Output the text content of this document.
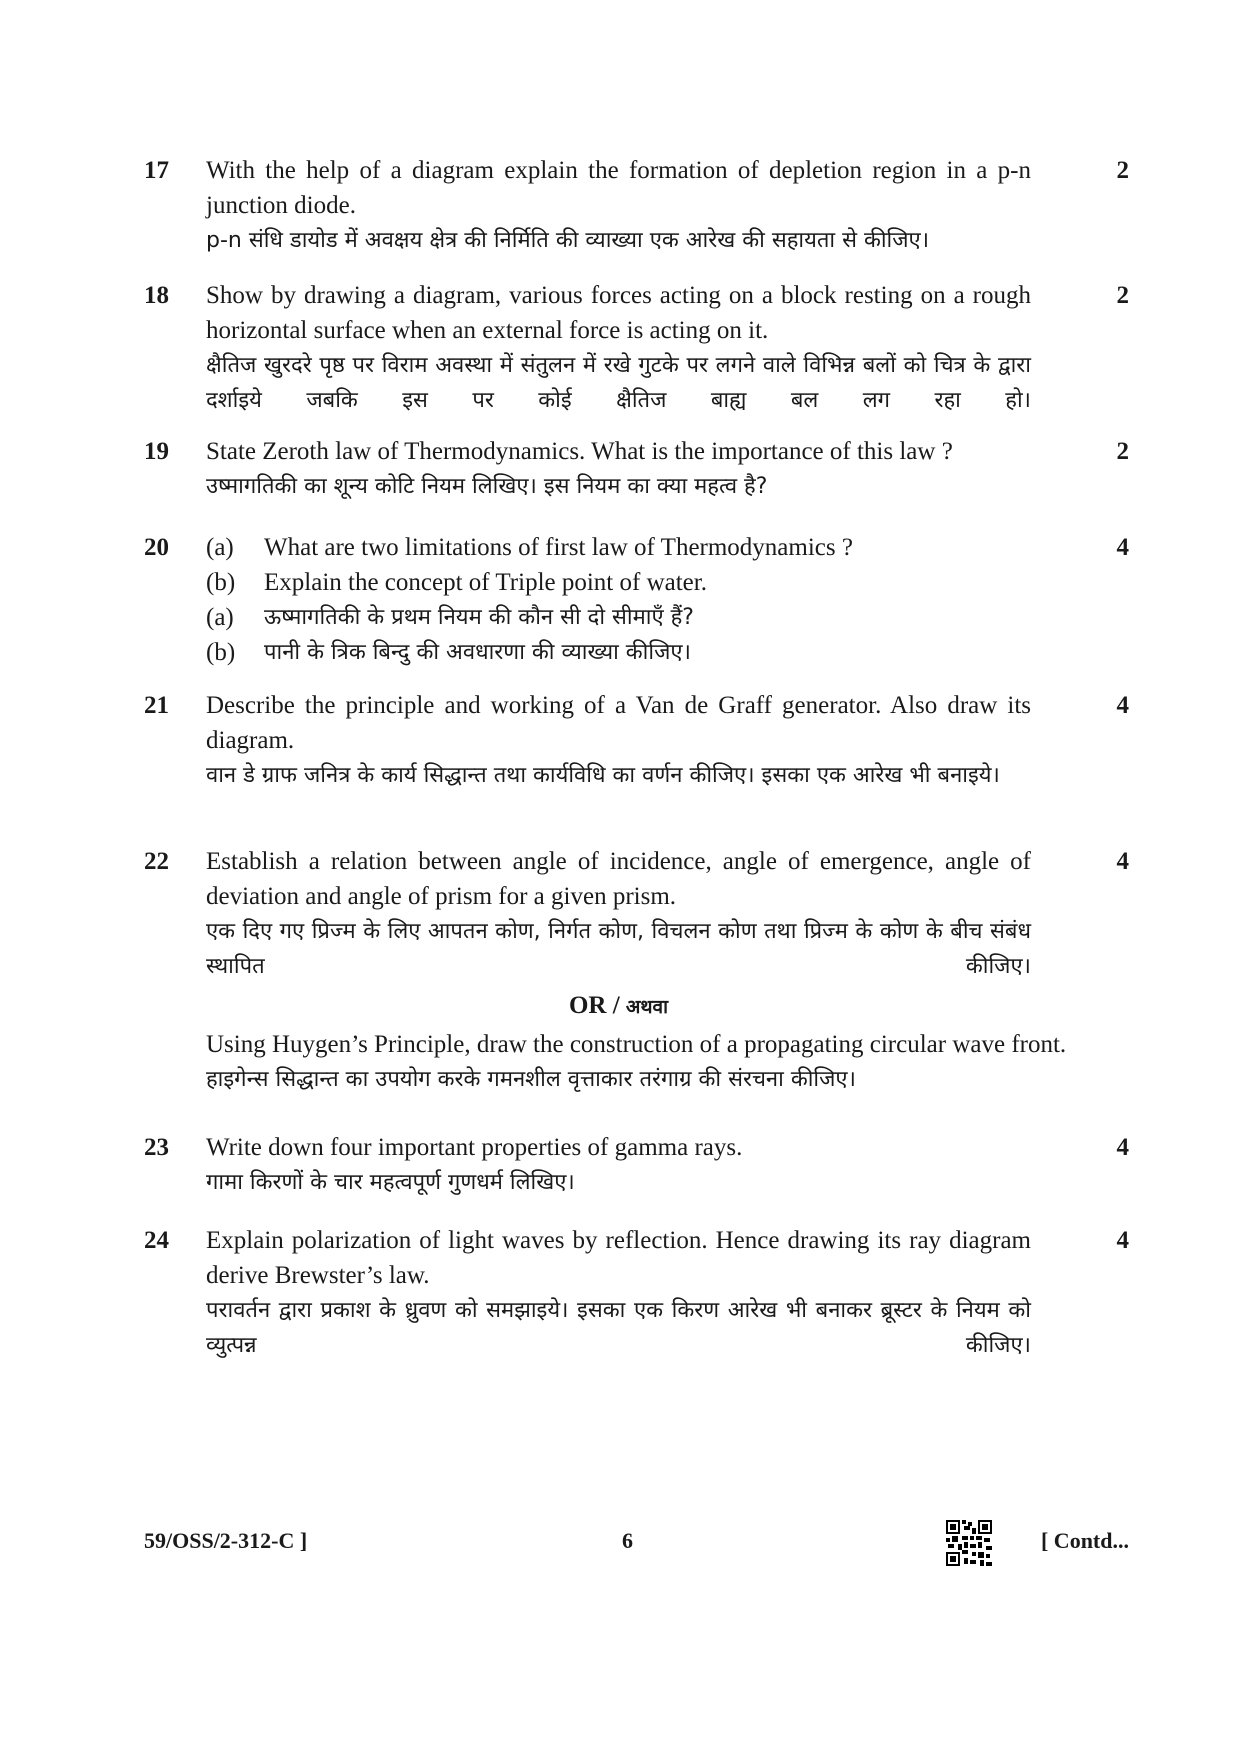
17	2
With the help of a diagram explain the formation of depletion region in a p-n junction diode.
p-n संधि डायोड में अवक्षय क्षेत्र की निर्मिति की व्याख्या एक आरेख की सहायता से कीजिए।
18	2
Show by drawing a diagram, various forces acting on a block resting on a rough horizontal surface when an external force is acting on it.
क्षैतिज खुरदरे पृष्ठ पर विराम अवस्था में संतुलन में रखे गुटके पर लगने वाले विभिन्न बलों को चित्र के द्वारा दर्शाइये जबकि इस पर कोई क्षैतिज बाह्य बल लग रहा हो।
19	2
State Zeroth law of Thermodynamics. What is the importance of this law ?
उष्मागतिकी का शून्य कोटि नियम लिखिए। इस नियम का क्या महत्व है?
20	4
(a)	What are two limitations of first law of Thermodynamics ?
(b)	Explain the concept of Triple point of water.
(a)	ऊष्मागतिकी के प्रथम नियम की कौन सी दो सीमाएँ हैं?
(b)	पानी के त्रिक बिन्दु की अवधारणा की व्याख्या कीजिए।
21	4
Describe the principle and working of a Van de Graff generator. Also draw its diagram.
वान डे ग्राफ जनित्र के कार्य सिद्धान्त तथा कार्यविधि का वर्णन कीजिए। इसका एक आरेख भी बनाइये।
22	4
Establish a relation between angle of incidence, angle of emergence, angle of deviation and angle of prism for a given prism.
एक दिए गए प्रिज्म के लिए आपतन कोण, निर्गत कोण, विचलन कोण तथा प्रिज्म के कोण के बीच संबंध स्थापित कीजिए।
OR / अथवा
Using Huygen’s Principle, draw the construction of a propagating circular wave front.
हाइगेन्स सिद्धान्त का उपयोग करके गमनशील वृत्ताकार तरंगाग्र की संरचना कीजिए।
23	4
Write down four important properties of gamma rays.
गामा किरणों के चार महत्वपूर्ण गुणधर्म लिखिए।
24	4
Explain polarization of light waves by reflection. Hence drawing its ray diagram derive Brewster’s law.
परावर्तन द्वारा प्रकाश के ध्रुवण को समझाइये। इसका एक किरण आरेख भी बनाकर ब्रूस्टर के नियम को व्युत्पन्न कीजिए।
59/OSS/2-312-C ]	6	[ Contd...
